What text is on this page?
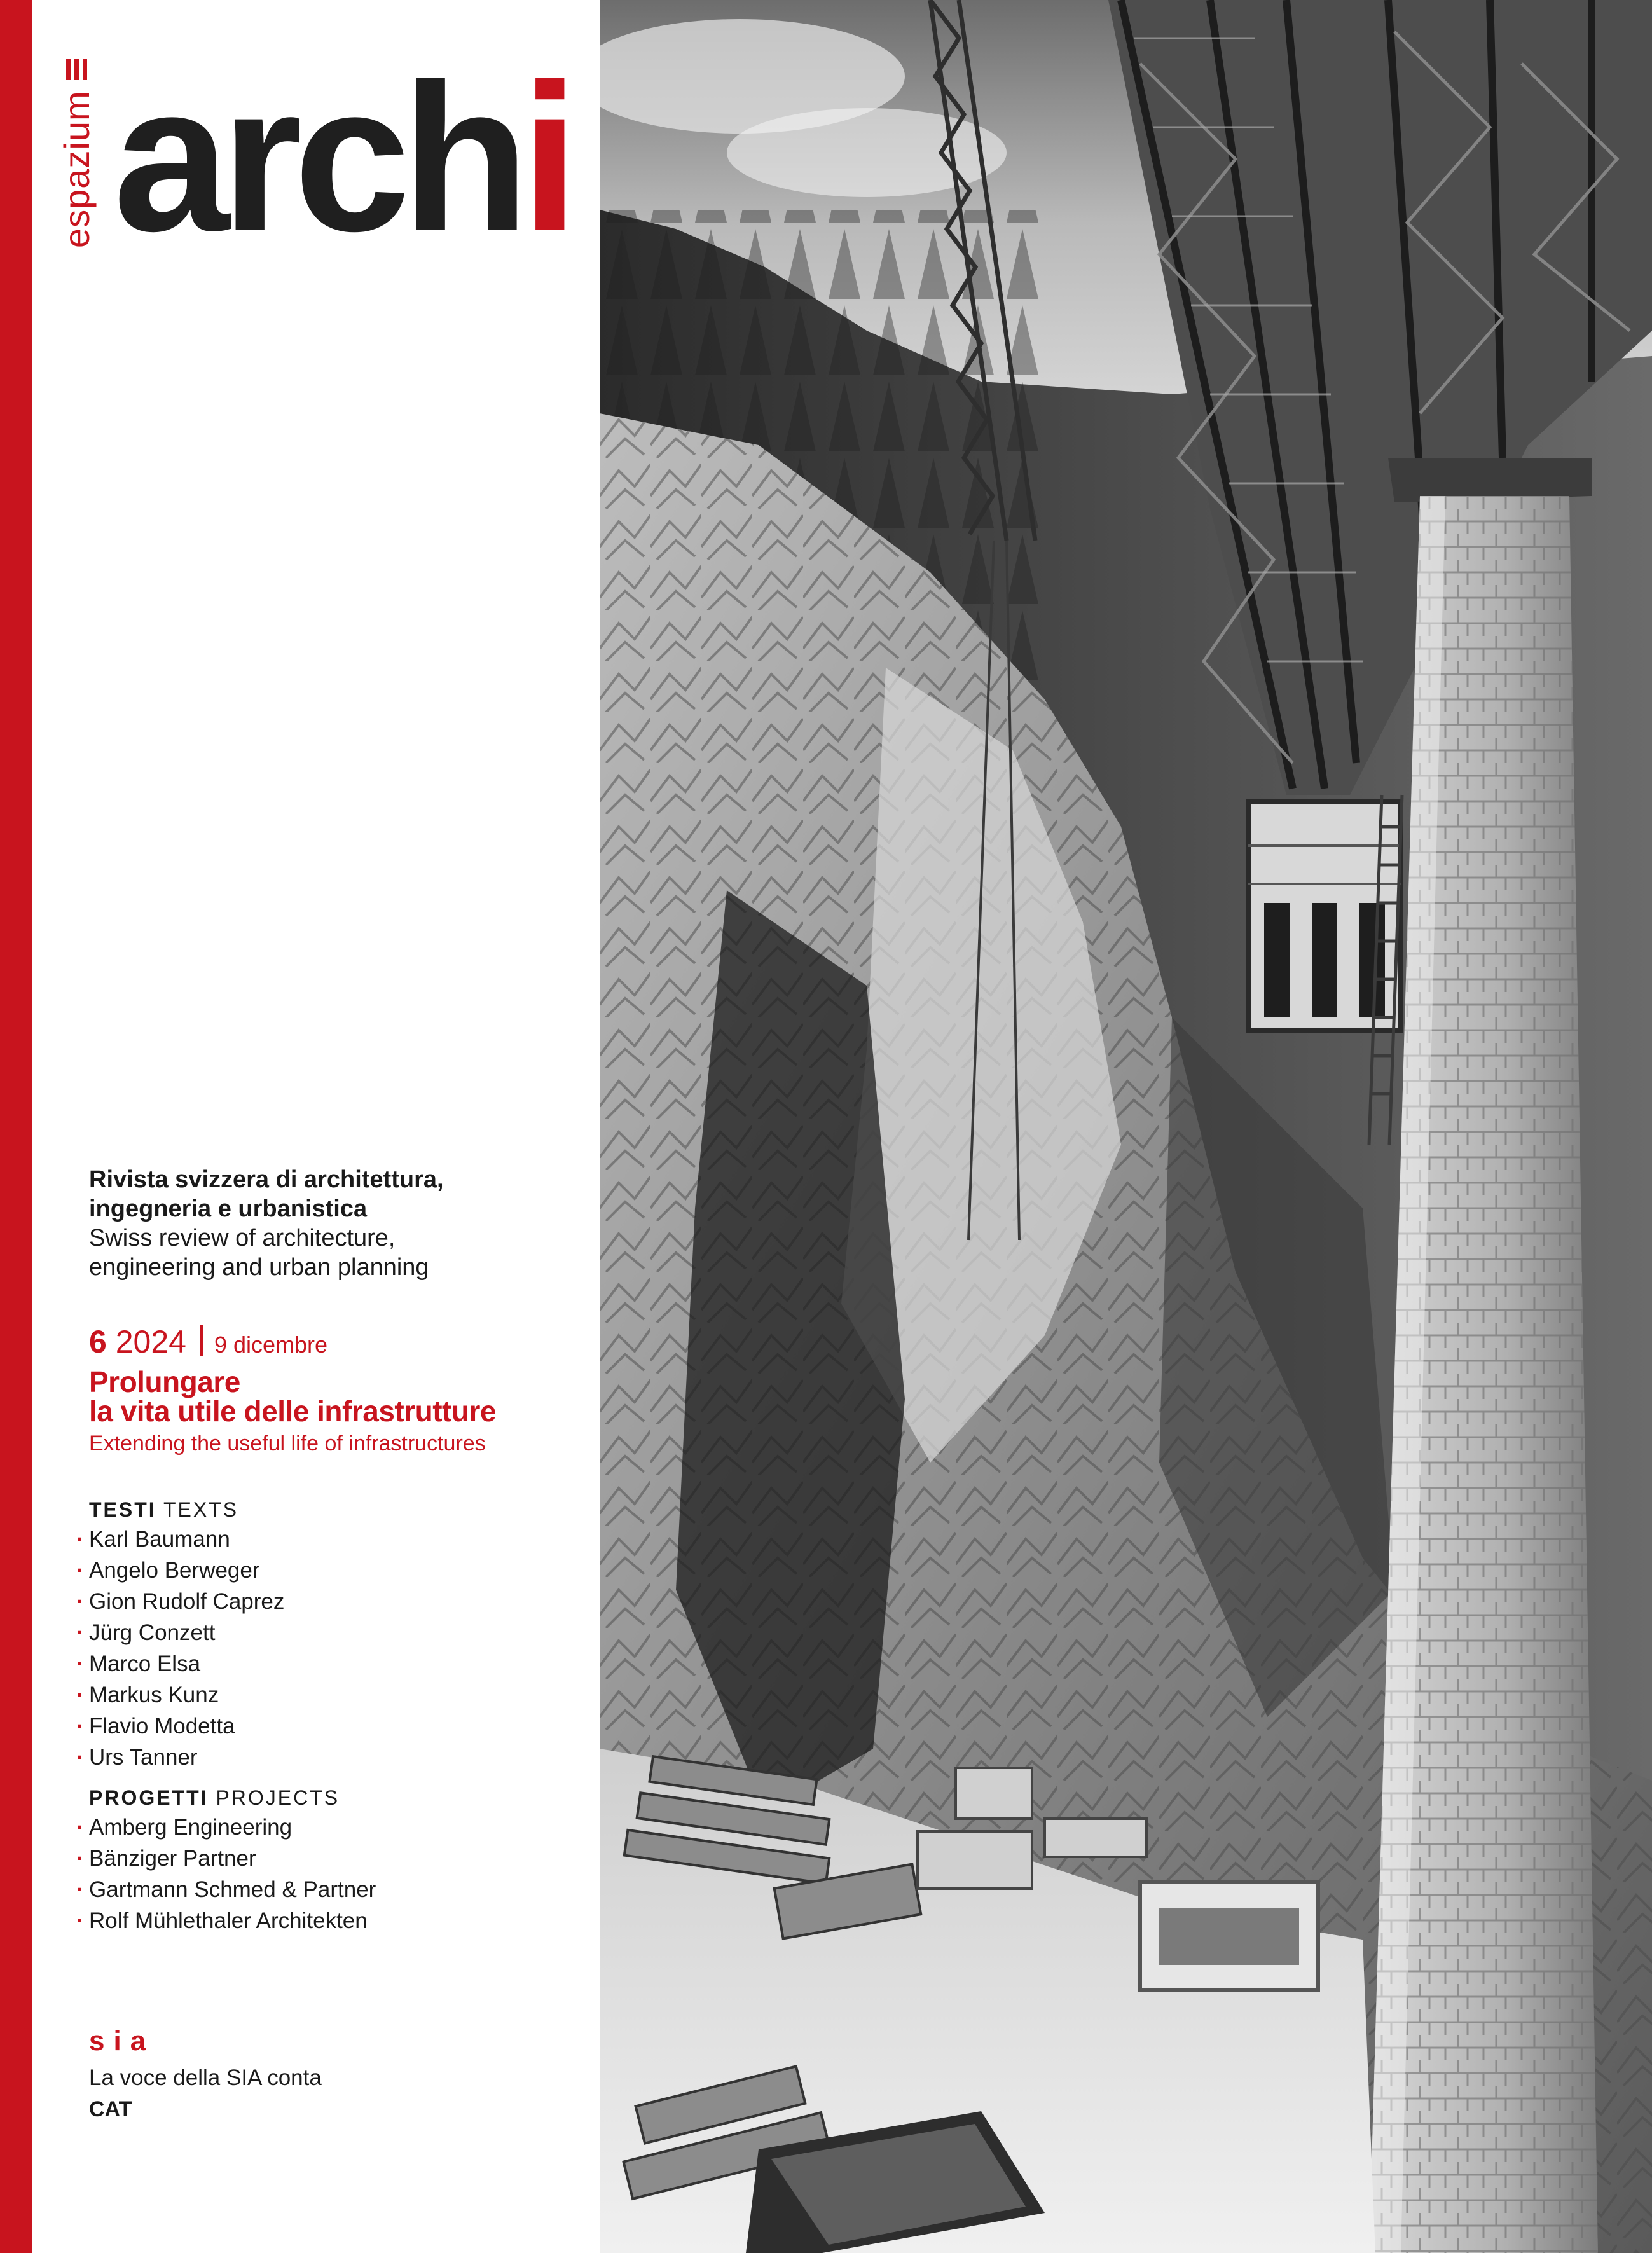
espazium archi
Rivista svizzera di architettura,
ingegneria e urbanistica
Swiss review of architecture,
engineering and urban planning
6 2024 9 dicembre
Prolungare
la vita utile delle infrastrutture
Extending the useful life of infrastructures
TESTI TEXTS
· Karl Baumann
· Angelo Berweger
· Gion Rudolf Caprez
· Jürg Conzett
· Marco Elsa
· Markus Kunz
· Flavio Modetta
· Urs Tanner
PROGETTI PROJECTS
· Amberg Engineering
· Bänziger Partner
· Gartmann Schmed & Partner
· Rolf Mühlethaler Architekten
sia
La voce della SIA conta
CAT
